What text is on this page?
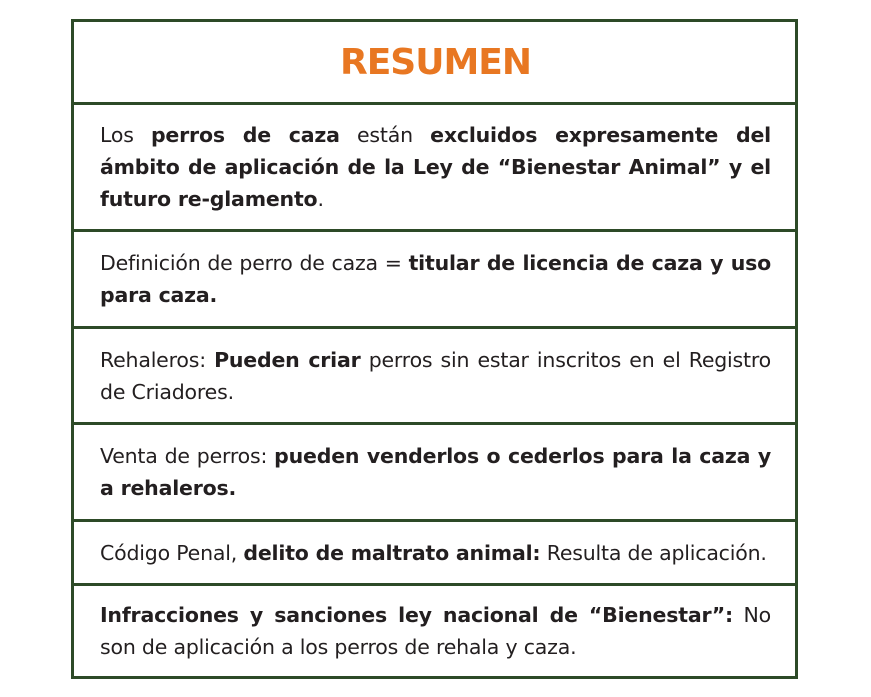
RESUMEN

Los perros de caza están excluidos expresamente del ámbito de aplicación de la Ley de “Bienestar Animal” y el futuro re-glamento.

Definición de perro de caza = titular de licencia de caza y uso para caza.

Rehaleros: Pueden criar perros sin estar inscritos en el Registro de Criadores.

Venta de perros: pueden venderlos o cederlos para la caza y a rehaleros.

Código Penal, delito de maltrato animal: Resulta de aplicación.

Infracciones y sanciones ley nacional de “Bienestar”: No son de aplicación a los perros de rehala y caza.
